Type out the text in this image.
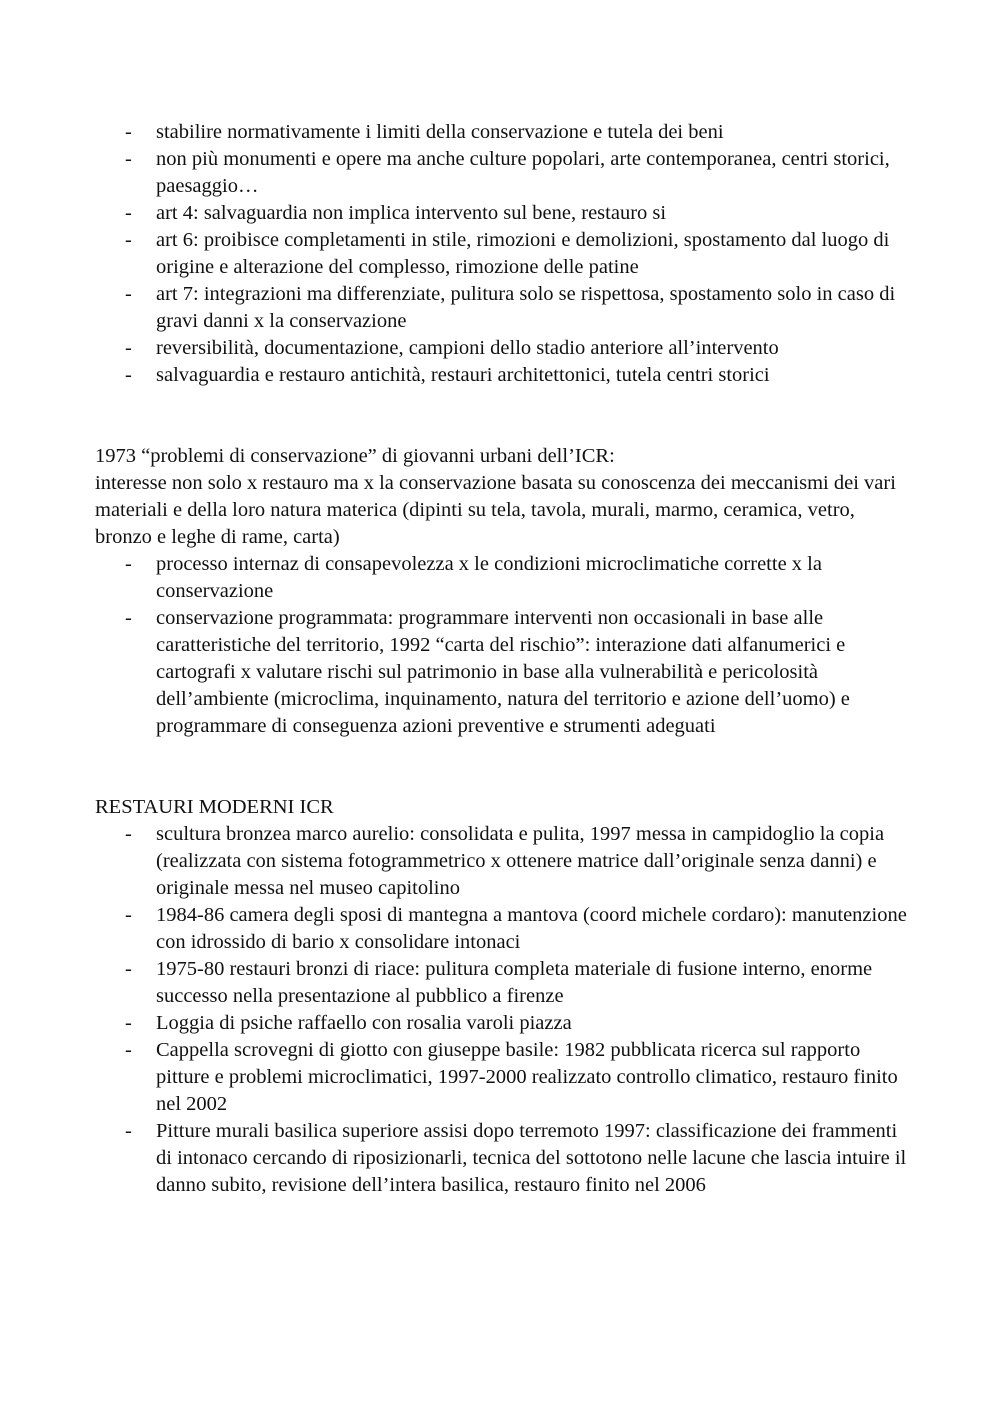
- stabilire normativamente i limiti della conservazione e tutela dei beni
- non più monumenti e opere ma anche culture popolari, arte contemporanea, centri storici, paesaggio…
- art 4: salvaguardia non implica intervento sul bene, restauro si
- art 6: proibisce completamenti in stile, rimozioni e demolizioni, spostamento dal luogo di origine e alterazione del complesso, rimozione delle patine
- art 7: integrazioni ma differenziate, pulitura solo se rispettosa, spostamento solo in caso di gravi danni x la conservazione
- reversibilità, documentazione, campioni dello stadio anteriore all’intervento
- salvaguardia e restauro antichità, restauri architettonici, tutela centri storici

1973 “problemi di conservazione” di giovanni urbani dell’ICR:

interesse non solo x restauro ma x la conservazione basata su conoscenza dei meccanismi dei vari materiali e della loro natura materica (dipinti su tela, tavola, murali, marmo, ceramica, vetro, bronzo e leghe di rame, carta)

- processo internaz di consapevolezza x le condizioni microclimatiche corrette x la conservazione
- conservazione programmata: programmare interventi non occasionali in base alle caratteristiche del territorio, 1992 “carta del rischio”: interazione dati alfanumerici e cartografi x valutare rischi sul patrimonio in base alla vulnerabilità e pericolosità dell’ambiente (microclima, inquinamento, natura del territorio e azione dell’uomo) e programmare di conseguenza azioni preventive e strumenti adeguati

RESTAURI MODERNI ICR

- scultura bronzea marco aurelio: consolidata e pulita, 1997 messa in campidoglio la copia (realizzata con sistema fotogrammetrico x ottenere matrice dall’originale senza danni) e originale messa nel museo capitolino
- 1984-86 camera degli sposi di mantegna a mantova (coord michele cordaro): manutenzione con idrossido di bario x consolidare intonaci
- 1975-80 restauri bronzi di riace: pulitura completa materiale di fusione interno, enorme successo nella presentazione al pubblico a firenze
- Loggia di psiche raffaello con rosalia varoli piazza
- Cappella scrovegni di giotto con giuseppe basile: 1982 pubblicata ricerca sul rapporto pitture e problemi microclimatici, 1997-2000 realizzato controllo climatico, restauro finito nel 2002
- Pitture murali basilica superiore assisi dopo terremoto 1997: classificazione dei frammenti di intonaco cercando di riposizionarli, tecnica del sottotono nelle lacune che lascia intuire il danno subito, revisione dell’intera basilica, restauro finito nel 2006
